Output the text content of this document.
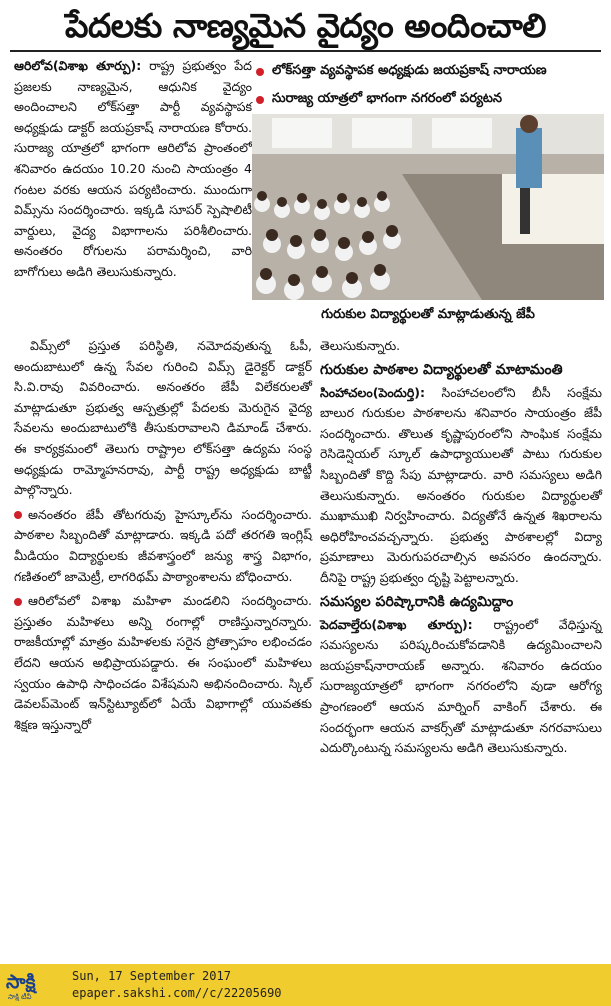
పేదలకు నాణ్యమైన వైద్యం అందించాలి

ఆరిలోవ(విశాఖ తూర్పు): రాష్ట్ర ప్రభుత్వం పేద ప్రజలకు నాణ్యమైన, ఆధునిక వైద్యం అందించాలని లోక్‌సత్తా పార్టీ వ్యవస్థాపక అధ్యక్షుడు డాక్టర్ జయప్రకాష్ నారాయణ కోరారు. సురాజ్య యాత్రలో భాగంగా ఆరిలోవ ప్రాంతంలో శనివారం ఉదయం 10.20 నుంచి సాయంత్రం 4 గంటల వరకు ఆయన పర్యటించారు. ముందుగా విమ్స్‌ను సందర్శించారు. ఇక్కడి సూపర్ స్పెషాలిటీ వార్డులు, వైద్య విభాగాలను పరిశీలించారు. అనంతరం రోగులను పరామర్శించి, వారి బాగోగులు అడిగి తెలుసుకున్నారు.

లోక్‌సత్తా వ్యవస్థాపక అధ్యక్షుడు జయప్రకాష్ నారాయణ
సురాజ్య యాత్రలో భాగంగా నగరంలో పర్యటన
గురుకుల విద్యార్థులతో మాట్లాడుతున్న జేపీ

విమ్స్‌లో ప్రస్తుత పరిస్థితి, నమోదవుతున్న ఓపీ, అందుబాటులో ఉన్న సేవల గురించి విమ్స్ డైరెక్టర్ డాక్టర్ సి.వి.రావు వివరించారు. అనంతరం జేపీ విలేకరులతో మాట్లాడుతూ ప్రభుత్వ ఆస్పత్రుల్లో పేదలకు మెరుగైన వైద్య సేవలను అందుబాటులోకి తీసుకురావాలని డిమాండ్ చేశారు. ఈ కార్యక్రమంలో తెలుగు రాష్ట్రాల లోక్‌సత్తా ఉద్యమ సంస్థ అధ్యక్షుడు రామ్మోహనరావు, పార్టీ రాష్ట్ర అధ్యక్షుడు బాట్జీ పాల్గొన్నారు.

అనంతరం జేపీ తోటగరువు హైస్కూల్‌ను సందర్శించారు. పాఠశాల సిబ్బందితో మాట్లాడారు. ఇక్కడి పదో తరగతి ఇంగ్లిష్ మీడియం విద్యార్థులకు జీవశాస్త్రంలో జన్యు శాస్త్ర విభాగం, గణితంలో జామెట్రీ, లాగరిథమ్ పాఠ్యాంశాలను బోధించారు.

ఆరిలోవలో విశాఖ మహిళా మండలిని సందర్శించారు. ప్రస్తుతం మహిళలు అన్ని రంగాల్లో రాణిస్తున్నారన్నారు. రాజకీయాల్లో మాత్రం మహిళలకు సరైన ప్రోత్సాహం లభించడం లేదని ఆయన అభిప్రాయపడ్డారు. ఈ సంఘంలో మహిళలు స్వయం ఉపాధి సాధించడం విశేషమని అభినందించారు. స్కిల్ డెవలప్‌మెంట్ ఇన్‌స్టిట్యూట్‌లో ఏయే విభాగాల్లో యువతకు శిక్షణ ఇస్తున్నారో

తెలుసుకున్నారు.

గురుకుల పాఠశాల విద్యార్థులతో మాటామంతి

సింహాచలం(పెందుర్తి): సింహాచలంలోని బీసీ సంక్షేమ బాలుర గురుకుల పాఠశాలను శనివారం సాయంత్రం జేపీ సందర్శించారు. తొలుత కృష్ణాపురంలోని సాంఘిక సంక్షేమ రెసిడెన్షియల్ స్కూల్ ఉపాధ్యాయులతో పాటు గురుకుల సిబ్బందితో కొద్ది సేపు మాట్లాడారు. వారి సమస్యలు అడిగి తెలుసుకున్నారు. అనంతరం గురుకుల విద్యార్థులతో ముఖాముఖి నిర్వహించారు. విద్యతోనే ఉన్నత శిఖరాలను అధిరోహించవచ్చన్నారు. ప్రభుత్వ పాఠశాలల్లో విద్యా ప్రమాణాలు మెరుగుపరచాల్సిన అవసరం ఉందన్నారు. దీనిపై రాష్ట్ర ప్రభుత్వం దృష్టి పెట్టాలన్నారు.

సమస్యల పరిష్కారానికి ఉద్యమిద్దాం

పెదవాల్తేరు(విశాఖ తూర్పు): రాష్ట్రంలో వేధిస్తున్న సమస్యలను పరిష్కరించుకోవడానికి ఉద్యమించాలని జయప్రకాష్‌నారాయణ్ అన్నారు. శనివారం ఉదయం సురాజ్యయాత్రలో భాగంగా నగరంలోని వుడా ఆరోగ్య ప్రాంగణంలో ఆయన మార్నింగ్ వాకింగ్ చేశారు. ఈ సందర్భంగా ఆయన వాకర్స్‌తో మాట్లాడుతూ నగరవాసులు ఎదుర్కొంటున్న సమస్యలను అడిగి తెలుసుకున్నారు.

సాక్షి
సాక్షి టీవీ
Sun, 17 September 2017
epaper.sakshi.com//c/22205690
